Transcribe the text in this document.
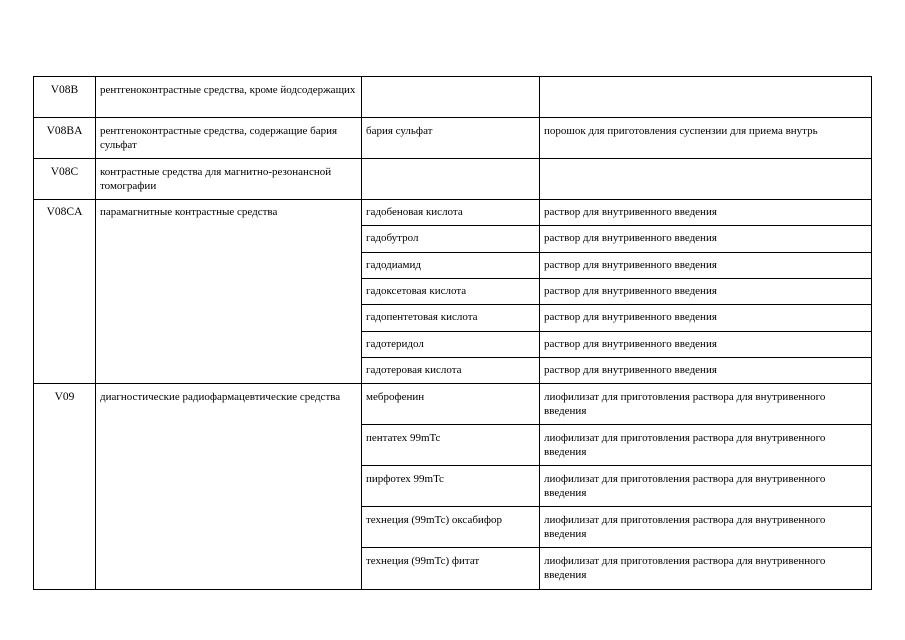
V08B	рентгеноконтрастные средства, кроме йодсодержащих		
V08BA	рентгеноконтрастные средства, содержащие бария сульфат	бария сульфат	порошок для приготовления суспензии для приема внутрь
V08C	контрастные средства для магнитно-резонансной томографии		
V08CA	парамагнитные контрастные средства	гадобеновая кислота	раствор для внутривенного введения
		гадобутрол	раствор для внутривенного введения
		гадодиамид	раствор для внутривенного введения
		гадоксетовая кислота	раствор для внутривенного введения
		гадопентетовая кислота	раствор для внутривенного введения
		гадотеридол	раствор для внутривенного введения
		гадотеровая кислота	раствор для внутривенного введения
V09	диагностические радиофармацевтические средства	меброфенин	лиофилизат для приготовления раствора для внутривенного введения
		пентатех 99mTc	лиофилизат для приготовления раствора для внутривенного введения
		пирфотех 99mTc	лиофилизат для приготовления раствора для внутривенного введения
		технеция (99mTc) оксабифор	лиофилизат для приготовления раствора для внутривенного введения
		технеция (99mTc) фитат	лиофилизат для приготовления раствора для внутривенного введения
